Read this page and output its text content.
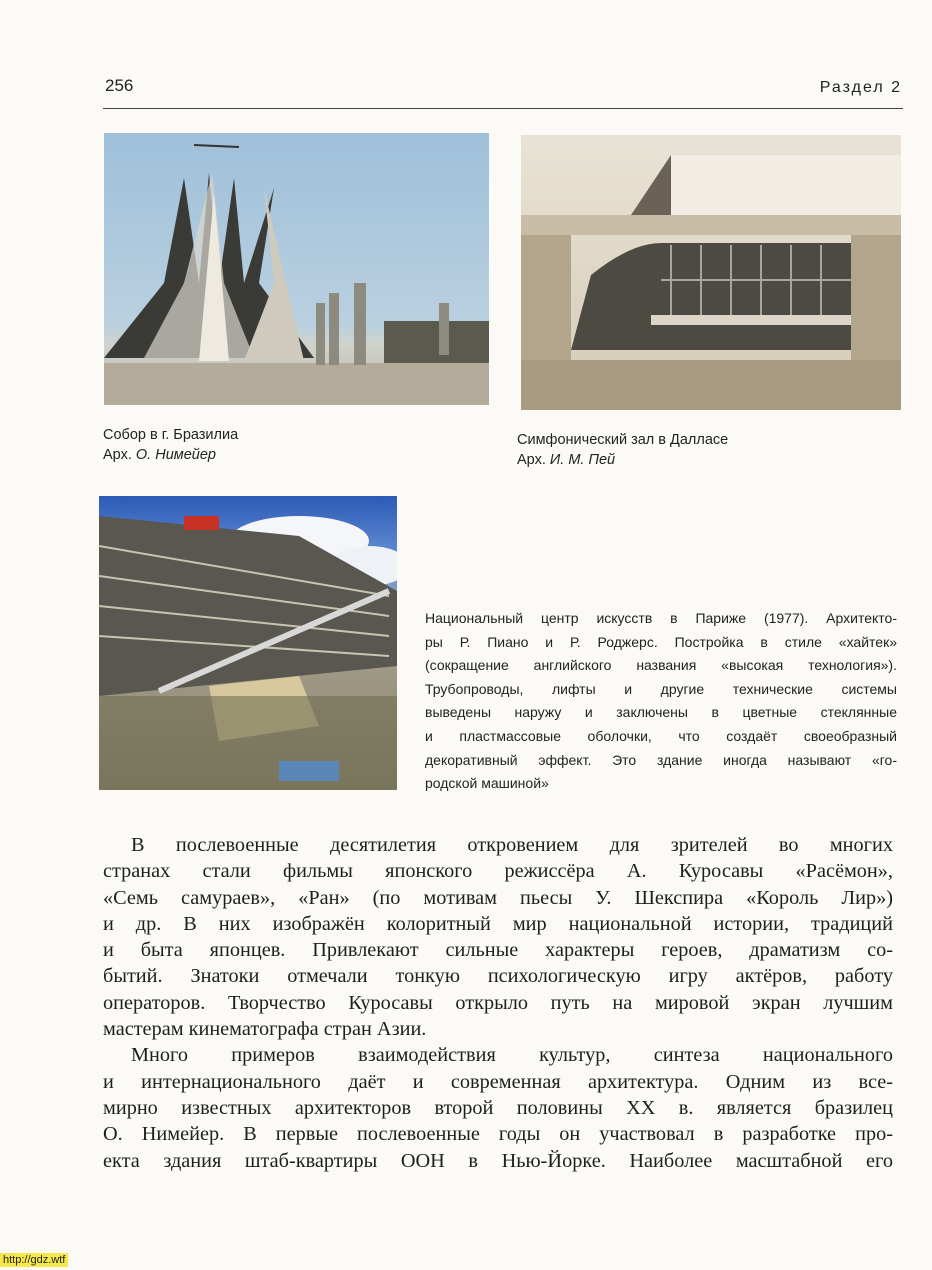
256	Раздел 2
Собор в г. Бразилиа
Арх. О. Нимейер
Симфонический зал в Далласе
Арх. И. М. Пей
Национальный центр искусств в Париже (1977). Архитекто-
ры Р. Пиано и Р. Роджерс. Постройка в стиле «хайтек»
(сокращение английского названия «высокая технология»).
Трубопроводы, лифты и другие технические системы
выведены наружу и заключены в цветные стеклянные
и пластмассовые оболочки, что создаёт своеобразный
декоративный эффект. Это здание иногда называют «го-
родской машиной»
В послевоенные десятилетия откровением для зрителей во многих
странах стали фильмы японского режиссёра А. Куросавы «Расёмон»,
«Семь самураев», «Ран» (по мотивам пьесы У. Шекспира «Король Лир»)
и др. В них изображён колоритный мир национальной истории, традиций
и быта японцев. Привлекают сильные характеры героев, драматизм со-
бытий. Знатоки отмечали тонкую психологическую игру актёров, работу
операторов. Творчество Куросавы открыло путь на мировой экран лучшим
мастерам кинематографа стран Азии.
Много примеров взаимодействия культур, синтеза национального
и интернационального даёт и современная архитектура. Одним из все-
мирно известных архитекторов второй половины XX в. является бразилец
О. Нимейер. В первые послевоенные годы он участвовал в разработке про-
екта здания штаб-квартиры ООН в Нью-Йорке. Наиболее масштабной его
http://gdz.wtf
